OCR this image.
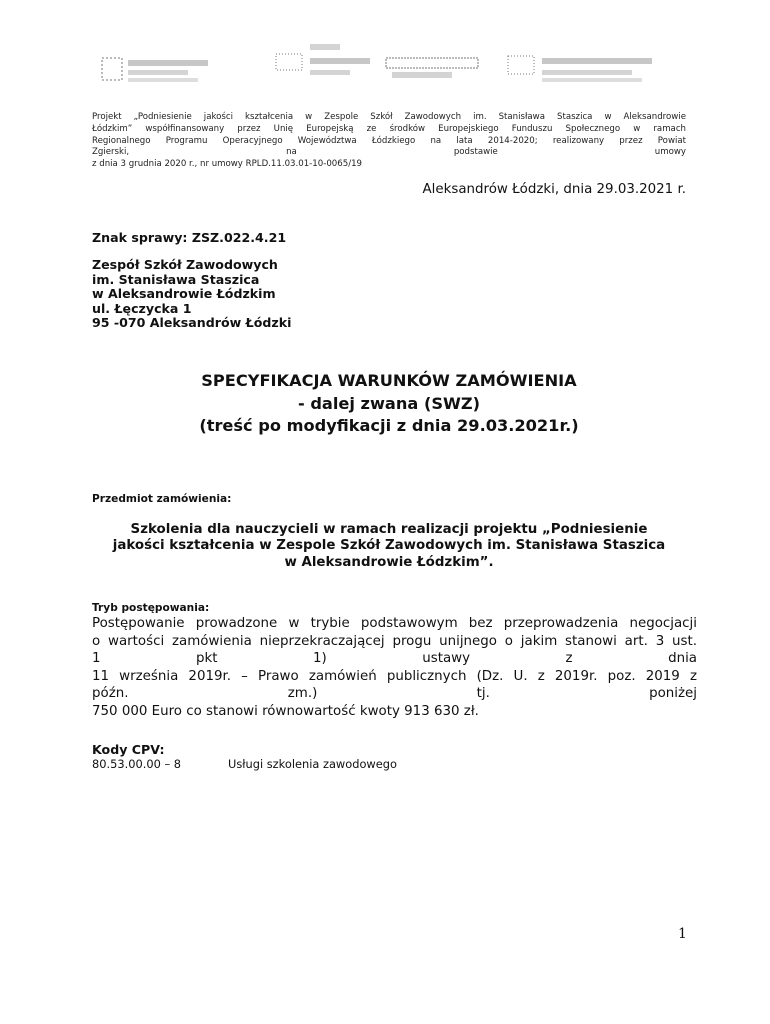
Projekt „Podniesienie jakości kształcenia w Zespole Szkół Zawodowych im. Stanisława Staszica w Aleksandrowie
Łódzkim” współfinansowany przez Unię Europejską ze środków Europejskiego Funduszu Społecznego w ramach
Regionalnego Programu Operacyjnego Województwa Łódzkiego na lata 2014-2020; realizowany przez Powiat
Zgierski, na podstawie umowy
z dnia 3 grudnia 2020 r., nr umowy RPLD.11.03.01-10-0065/19
Aleksandrów Łódzki, dnia 29.03.2021 r.
Znak sprawy: ZSZ.022.4.21
Zespół Szkół Zawodowych
im. Stanisława Staszica
w Aleksandrowie Łódzkim
ul. Łęczycka 1
95 -070 Aleksandrów Łódzki
SPECYFIKACJA WARUNKÓW ZAMÓWIENIA
- dalej zwana (SWZ)
(treść po modyfikacji z dnia 29.03.2021r.)
Przedmiot zamówienia:
Szkolenia dla nauczycieli w ramach realizacji projektu „Podniesienie
jakości kształcenia w Zespole Szkół Zawodowych im. Stanisława Staszica
w Aleksandrowie Łódzkim”.
Tryb postępowania:
Postępowanie prowadzone w trybie podstawowym bez przeprowadzenia negocjacji
o wartości zamówienia nieprzekraczającej progu unijnego o jakim stanowi art. 3 ust.
1 pkt 1) ustawy z dnia
11 września 2019r. – Prawo zamówień publicznych (Dz. U. z 2019r. poz. 2019 z
późn. zm.) tj. poniżej
750 000 Euro co stanowi równowartość kwoty 913 630 zł.
Kody CPV:
80.53.00.00 – 8	Usługi szkolenia zawodowego
1
